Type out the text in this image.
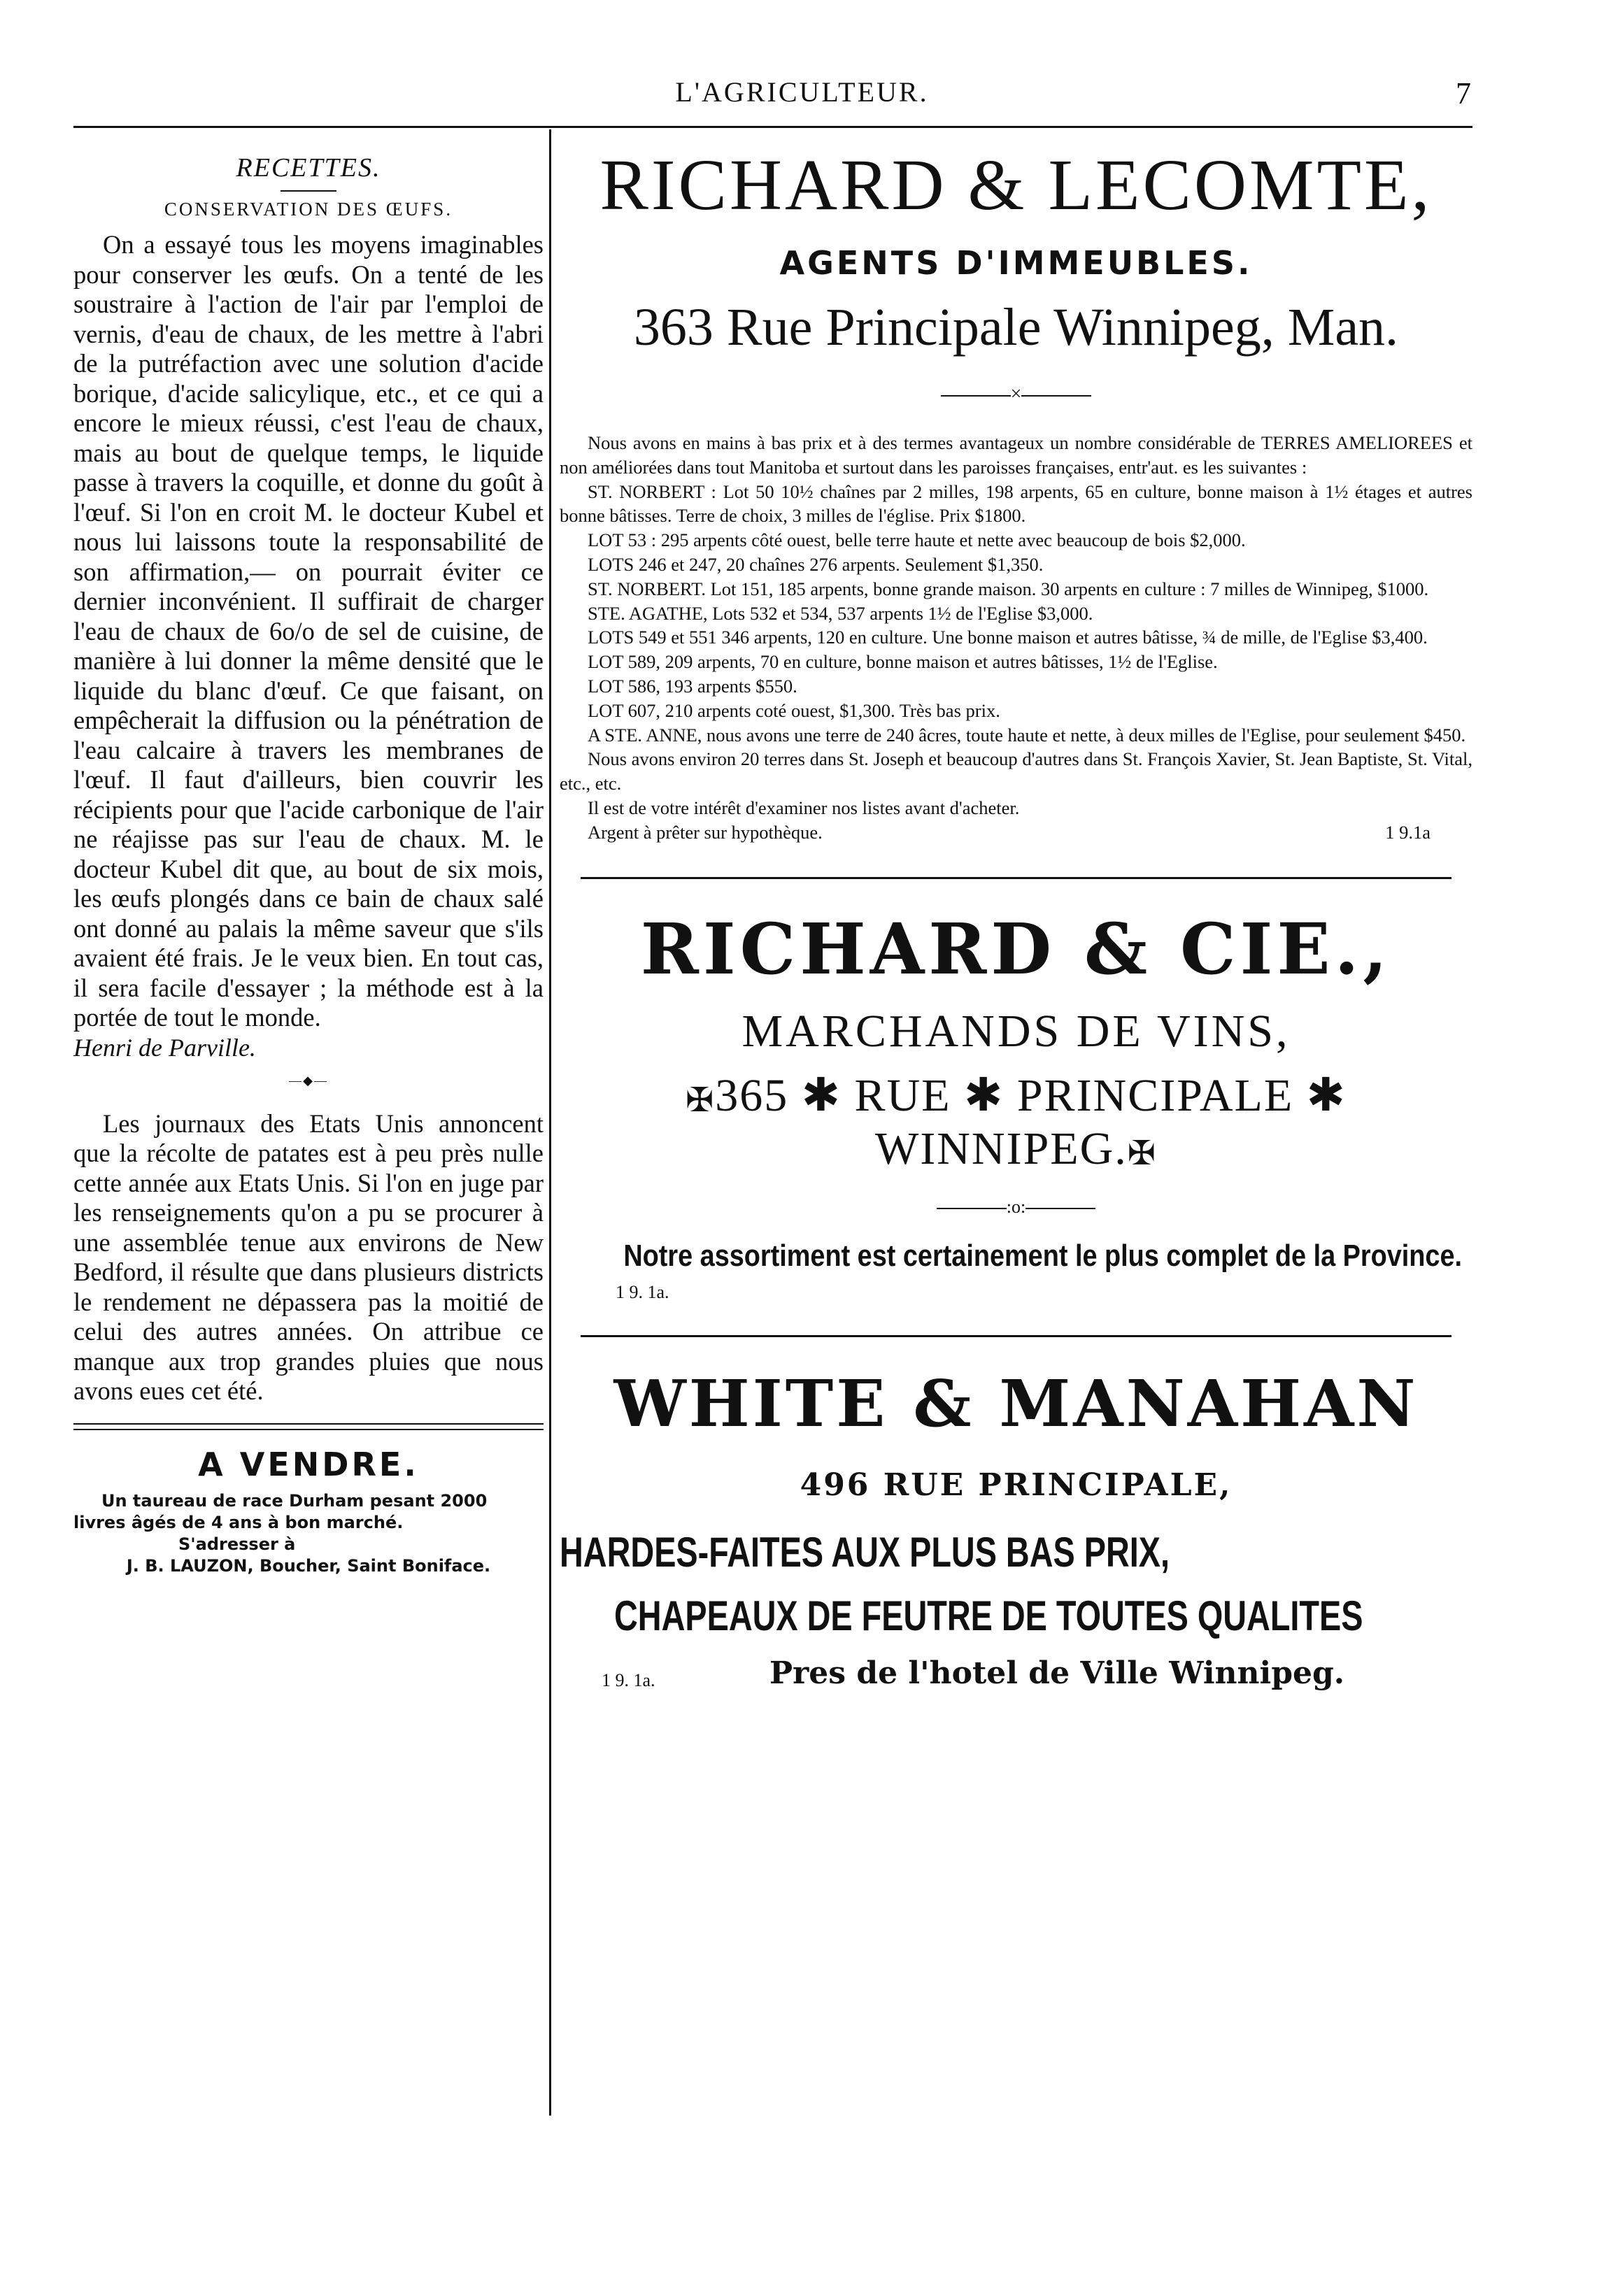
L'AGRICULTEUR.	7
RECETTES.
CONSERVATION DES ŒUFS.

On a essayé tous les moyens imaginables pour conserver les œufs. On a tenté de les soustraire à l'action de l'air par l'emploi de vernis, d'eau de chaux, de les mettre à l'abri de la putréfaction avec une solution d'acide borique, d'acide salicylique, etc., et ce qui a encore le mieux réussi, c'est l'eau de chaux, mais au bout de quelque temps, le liquide passe à travers la coquille, et donne du goût à l'œuf. Si l'on en croit M. le docteur Kubel et nous lui laissons toute la responsabilité de son affirmation,— on pourrait éviter ce dernier inconvénient. Il suffirait de charger l'eau de chaux de 6o/o de sel de cuisine, de manière à lui donner la même densité que le liquide du blanc d'œuf. Ce que faisant, on empêcherait la diffusion ou la pénétration de l'eau calcaire à travers les membranes de l'œuf. Il faut d'ailleurs, bien couvrir les récipients pour que l'acide carbonique de l'air ne réajisse pas sur l'eau de chaux. M. le docteur Kubel dit que, au bout de six mois, les œufs plongés dans ce bain de chaux salé ont donné au palais la même saveur que s'ils avaient été frais. Je le veux bien. En tout cas, il sera facile d'essayer ; la méthode est à la portée de tout le monde.

Henri de Parville.
—◆—

Les journaux des Etats Unis annoncent que la récolte de patates est à peu près nulle cette année aux Etats Unis. Si l'on en juge par les renseignements qu'on a pu se procurer à une assemblée tenue aux environs de New Bedford, il résulte que dans plusieurs districts le rendement ne dépassera pas la moitié de celui des autres années. On attribue ce manque aux trop grandes pluies que nous avons eues cet été.

A VENDRE.
Un taureau de race Durham pesant 2000
livres âgés de 4 ans à bon marché.
S'adresser à
J. B. LAUZON, Boucher, Saint Boniface.
RICHARD & LECOMTE,
AGENTS D'IMMEUBLES.
363 Rue Principale Winnipeg, Man.
×

Nous avons en mains à bas prix et à des termes avantageux un nombre considérable de TERRES AMELIOREES et non améliorées dans tout Manitoba et surtout dans les paroisses françaises, entr'aut. es les suivantes :

ST. NORBERT : Lot 50 10½ chaînes par 2 milles, 198 arpents, 65 en culture, bonne maison à 1½ étages et autres bonne bâtisses. Terre de choix, 3 milles de l'église. Prix $1800.

LOT 53 : 295 arpents côté ouest, belle terre haute et nette avec beaucoup de bois $2,000.

LOTS 246 et 247, 20 chaînes 276 arpents. Seulement $1,350.

ST. NORBERT. Lot 151, 185 arpents, bonne grande maison. 30 arpents en culture : 7 milles de Winnipeg, $1000.

STE. AGATHE, Lots 532 et 534, 537 arpents 1½ de l'Eglise $3,000.

LOTS 549 et 551 346 arpents, 120 en culture. Une bonne maison et autres bâtisse, ¾ de mille, de l'Eglise $3,400.

LOT 589, 209 arpents, 70 en culture, bonne maison et autres bâtisses, 1½ de l'Eglise.

LOT 586, 193 arpents $550.

LOT 607, 210 arpents coté ouest, $1,300. Très bas prix.

A STE. ANNE, nous avons une terre de 240 âcres, toute haute et nette, à deux milles de l'Eglise, pour seulement $450.

Nous avons environ 20 terres dans St. Joseph et beaucoup d'autres dans St. François Xavier, St. Jean Baptiste, St. Vital, etc., etc.

Il est de votre intérêt d'examiner nos listes avant d'acheter.

Argent à prêter sur hypothèque.	1 9.1a
RICHARD & CIE.,
MARCHANDS DE VINS,
✠365 ✱ RUE ✱ PRINCIPALE ✱ WINNIPEG.✠
:o:
Notre assortiment est certainement le plus complet de la Province.
1 9. 1a.
WHITE & MANAHAN
496 RUE PRINCIPALE,
HARDES-FAITES AUX PLUS BAS PRIX,
CHAPEAUX DE FEUTRE DE TOUTES QUALITES
1 9. 1a.	Pres de l'hotel de Ville Winnipeg.
